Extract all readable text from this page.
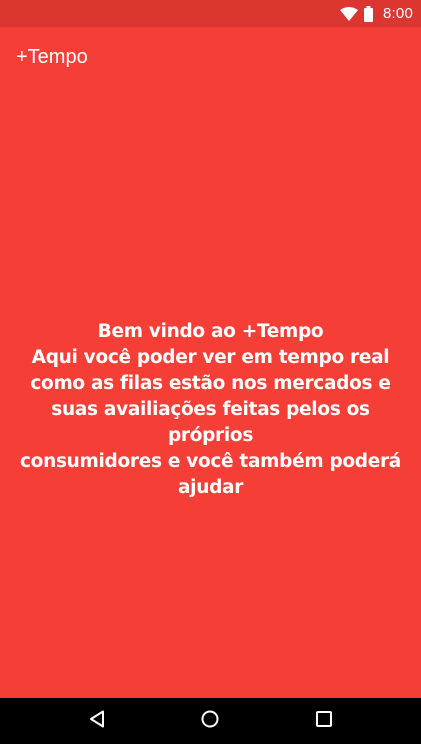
8:00
+Tempo
Bem vindo ao +Tempo
Aqui você poder ver em tempo real
como as filas estão nos mercados e
suas availiações feitas pelos os próprios
consumidores e você também poderá
ajudar
